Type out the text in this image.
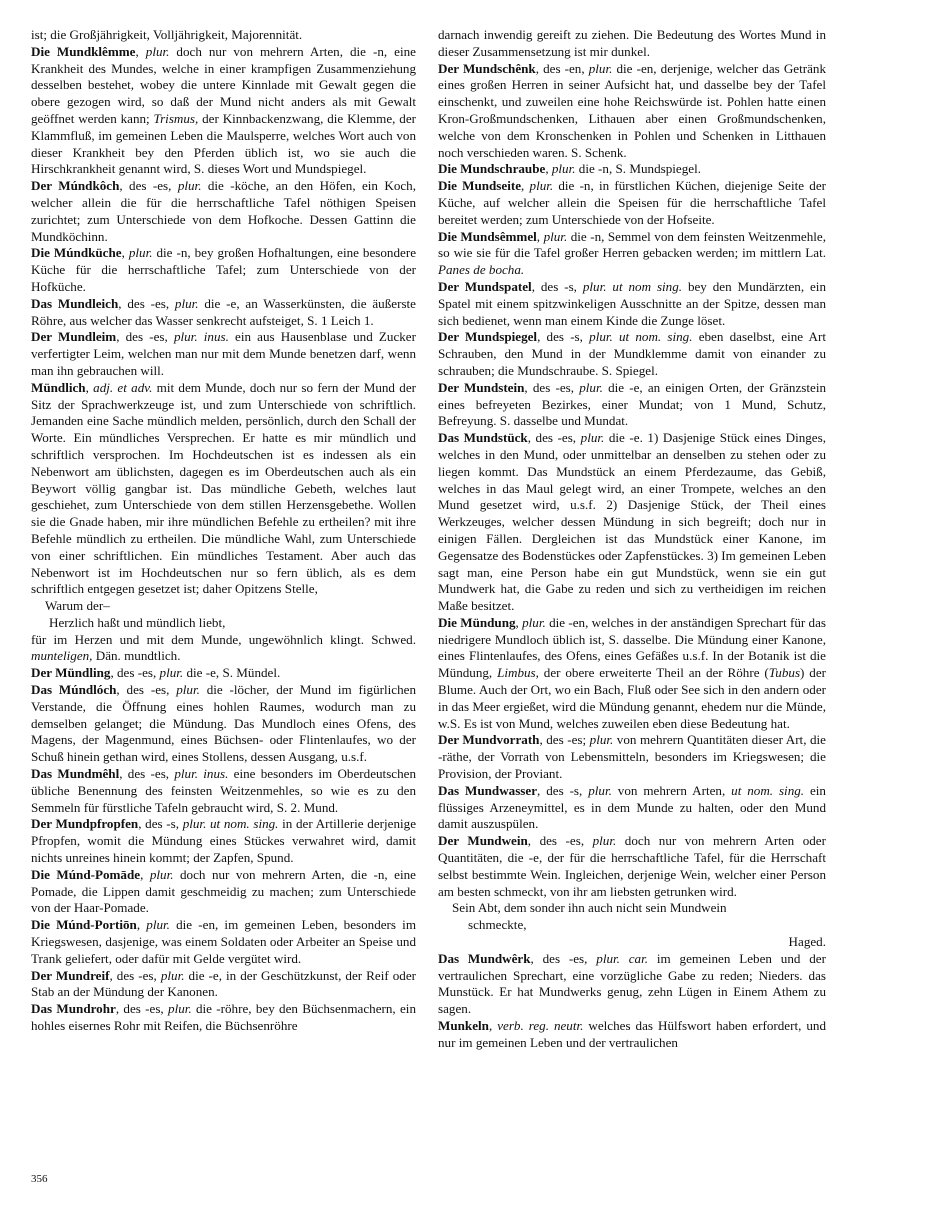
ist; die Großjährigkeit, Volljährigkeit, Majorennität.

Die Mundklêmme, plur. doch nur von mehrern Arten, die -n, eine Krankheit des Mundes, welche in einer krampfigen Zusammenziehung desselben bestehet, wobey die untere Kinnlade mit Gewalt gegen die obere gezogen wird, so daß der Mund nicht anders als mit Gewalt geöffnet werden kann; Trismus, der Kinnbackenzwang, die Klemme, der Klammfluß, im gemeinen Leben die Maulsperre, welches Wort auch von dieser Krankheit bey den Pferden üblich ist, wo sie auch die Hirschkrankheit genannt wird, S. dieses Wort und Mundspiegel.

Der Múndkôch, des -es, plur. die -köche, an den Höfen, ein Koch, welcher allein die für die herrschaftliche Tafel nöthigen Speisen zurichtet; zum Unterschiede von dem Hofkoche. Dessen Gattinn die Mundköchinn.

Die Múndküche, plur. die -n, bey großen Hofhaltungen, eine besondere Küche für die herrschaftliche Tafel; zum Unterschiede von der Hofküche.

Das Mundleich, des -es, plur. die -e, an Wasserkünsten, die äußerste Röhre, aus welcher das Wasser senkrecht aufsteiget, S. 1 Leich 1.

Der Mundleim, des -es, plur. inus. ein aus Hausenblase und Zucker verfertigter Leim, welchen man nur mit dem Munde benetzen darf, wenn man ihn gebrauchen will.

Mündlich, adj. et adv. mit dem Munde, doch nur so fern der Mund der Sitz der Sprachwerkzeuge ist, und zum Unterschiede von schriftlich. Jemanden eine Sache mündlich melden, persönlich, durch den Schall der Worte. Ein mündliches Versprechen. Er hatte es mir mündlich und schriftlich versprochen. Im Hochdeutschen ist es indessen als ein Nebenwort am üblichsten, dagegen es im Oberdeutschen auch als ein Beywort völlig gangbar ist. Das mündliche Gebeth, welches laut geschiehet, zum Unterschiede von dem stillen Herzensgebethe. Wollen sie die Gnade haben, mir ihre mündlichen Befehle zu ertheilen? mit ihre Befehle mündlich zu ertheilen. Die mündliche Wahl, zum Unterschiede von einer schriftlichen. Ein mündliches Testament. Aber auch das Nebenwort ist im Hochdeutschen nur so fern üblich, als es dem schriftlich entgegen gesetzet ist; daher Opitzens Stelle,

Warum der–

Herzlich haßt und mündlich liebt,

für im Herzen und mit dem Munde, ungewöhnlich klingt. Schwed. munteligen, Dän. mundtlich.

Der Mündling, des -es, plur. die -e, S. Mündel.

Das Múndlóch, des -es, plur. die -löcher, der Mund im figürlichen Verstande, die Öffnung eines hohlen Raumes, wodurch man zu demselben gelanget; die Mündung. Das Mundloch eines Ofens, des Magens, der Magenmund, eines Büchsen- oder Flintenlaufes, wo der Schuß hinein gethan wird, eines Stollens, dessen Ausgang, u.s.f.

Das Mundmêhl, des -es, plur. inus. eine besonders im Oberdeutschen übliche Benennung des feinsten Weitzenmehles, so wie es zu den Semmeln für fürstliche Tafeln gebraucht wird, S. 2. Mund.

Der Mundpfropfen, des -s, plur. ut nom. sing. in der Artillerie derjenige Pfropfen, womit die Mündung eines Stückes verwahret wird, damit nichts unreines hinein kommt; der Zapfen, Spund.

Die Múnd-Pomāde, plur. doch nur von mehrern Arten, die -n, eine Pomade, die Lippen damit geschmeidig zu machen; zum Unterschiede von der Haar-Pomade.

Die Múnd-Portiōn, plur. die -en, im gemeinen Leben, besonders im Kriegswesen, dasjenige, was einem Soldaten oder Arbeiter an Speise und Trank geliefert, oder dafür mit Gelde vergütet wird.

Der Mundreif, des -es, plur. die -e, in der Geschützkunst, der Reif oder Stab an der Mündung der Kanonen.

Das Mundrohr, des -es, plur. die -röhre, bey den Büchsenmachern, ein hohles eisernes Rohr mit Reifen, die Büchsenröhre

darnach inwendig gereift zu ziehen. Die Bedeutung des Wortes Mund in dieser Zusammensetzung ist mir dunkel.

Der Mundschênk, des -en, plur. die -en, derjenige, welcher das Getränk eines großen Herren in seiner Aufsicht hat, und dasselbe bey der Tafel einschenkt, und zuweilen eine hohe Reichswürde ist. Pohlen hatte einen Kron-Großmundschenken, Lithauen aber einen Großmundschenken, welche von dem Kronschenken in Pohlen und Schenken in Litthauen noch verschieden waren. S. Schenk.

Die Mundschraube, plur. die -n, S. Mundspiegel.

Die Mundseite, plur. die -n, in fürstlichen Küchen, diejenige Seite der Küche, auf welcher allein die Speisen für die herrschaftliche Tafel bereitet werden; zum Unterschiede von der Hofseite.

Die Mundsêmmel, plur. die -n, Semmel von dem feinsten Weitzenmehle, so wie sie für die Tafel großer Herren gebacken werden; im mittlern Lat. Panes de bocha.

Der Mundspatel, des -s, plur. ut nom sing. bey den Mundärzten, ein Spatel mit einem spitzwinkeligen Ausschnitte an der Spitze, dessen man sich bedienet, wenn man einem Kinde die Zunge löset.

Der Mundspiegel, des -s, plur. ut nom. sing. eben daselbst, eine Art Schrauben, den Mund in der Mundklemme damit von einander zu schrauben; die Mundschraube. S. Spiegel.

Der Mundstein, des -es, plur. die -e, an einigen Orten, der Gränzstein eines befreyeten Bezirkes, einer Mundat; von 1 Mund, Schutz, Befreyung. S. dasselbe und Mundat.

Das Mundstück, des -es, plur. die -e. 1) Dasjenige Stück eines Dinges, welches in den Mund, oder unmittelbar an denselben zu stehen oder zu liegen kommt. Das Mundstück an einem Pferdezaume, das Gebiß, welches in das Maul gelegt wird, an einer Trompete, welches an den Mund gesetzet wird, u.s.f. 2) Dasjenige Stück, der Theil eines Werkzeuges, welcher dessen Mündung in sich begreift; doch nur in einigen Fällen. Dergleichen ist das Mundstück einer Kanone, im Gegensatze des Bodenstückes oder Zapfenstückes. 3) Im gemeinen Leben sagt man, eine Person habe ein gut Mundstück, wenn sie ein gut Mundwerk hat, die Gabe zu reden und sich zu vertheidigen im reichen Maße besitzet.

Die Mündung, plur. die -en, welches in der anständigen Sprechart für das niedrigere Mundloch üblich ist, S. dasselbe. Die Mündung einer Kanone, eines Flintenlaufes, des Ofens, eines Gefäßes u.s.f. In der Botanik ist die Mündung, Limbus, der obere erweiterte Theil an der Röhre (Tubus) der Blume. Auch der Ort, wo ein Bach, Fluß oder See sich in den andern oder in das Meer ergießet, wird die Mündung genannt, ehedem nur die Münde, w.S. Es ist von Mund, welches zuweilen eben diese Bedeutung hat.

Der Mundvorrath, des -es; plur. von mehrern Quantitäten dieser Art, die -räthe, der Vorrath von Lebensmitteln, besonders im Kriegswesen; die Provision, der Proviant.

Das Mundwasser, des -s, plur. von mehrern Arten, ut nom. sing. ein flüssiges Arzeneymittel, es in dem Munde zu halten, oder den Mund damit auszuspülen.

Der Mundwein, des -es, plur. doch nur von mehrern Arten oder Quantitäten, die -e, der für die herrschaftliche Tafel, für die Herrschaft selbst bestimmte Wein. Ingleichen, derjenige Wein, welcher einer Person am besten schmeckt, von ihr am liebsten getrunken wird.

Sein Abt, dem sonder ihn auch nicht sein Mundwein

schmeckte,

Haged.

Das Mundwêrk, des -es, plur. car. im gemeinen Leben und der vertraulichen Sprechart, eine vorzügliche Gabe zu reden; Nieders. das Munstück. Er hat Mundwerks genug, zehn Lügen in Einem Athem zu sagen.

Munkeln, verb. reg. neutr. welches das Hülfswort haben erfordert, und nur im gemeinen Leben und der vertraulichen

356
